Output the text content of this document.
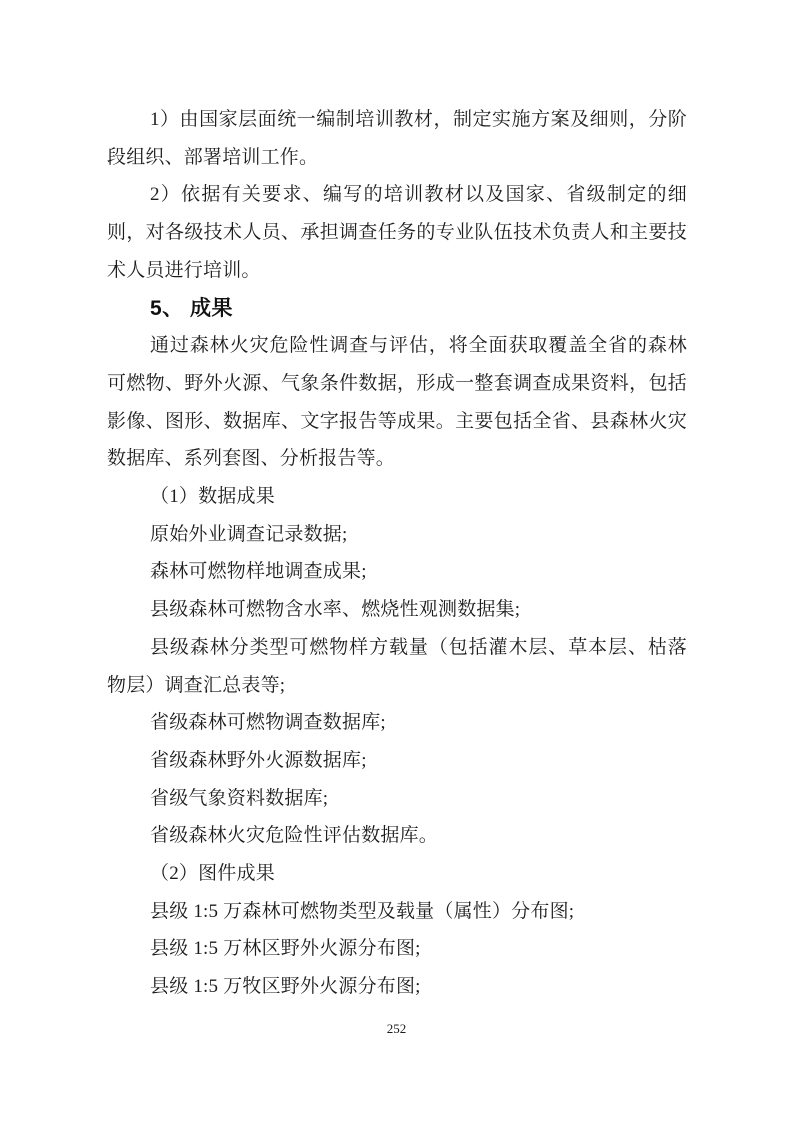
1）由国家层面统一编制培训教材，制定实施方案及细则，分阶段组织、部署培训工作。

2）依据有关要求、编写的培训教材以及国家、省级制定的细则，对各级技术人员、承担调查任务的专业队伍技术负责人和主要技术人员进行培训。

5、 成果

通过森林火灾危险性调查与评估，将全面获取覆盖全省的森林可燃物、野外火源、气象条件数据，形成一整套调查成果资料，包括影像、图形、数据库、文字报告等成果。主要包括全省、县森林火灾数据库、系列套图、分析报告等。

（1）数据成果

原始外业调查记录数据;

森林可燃物样地调查成果;

县级森林可燃物含水率、燃烧性观测数据集;

县级森林分类型可燃物样方载量（包括灌木层、草本层、枯落物层）调查汇总表等;

省级森林可燃物调查数据库;

省级森林野外火源数据库;

省级气象资料数据库;

省级森林火灾危险性评估数据库。

（2）图件成果

县级 1:5 万森林可燃物类型及载量（属性）分布图;

县级 1:5 万林区野外火源分布图;

县级 1:5 万牧区野外火源分布图;

252
